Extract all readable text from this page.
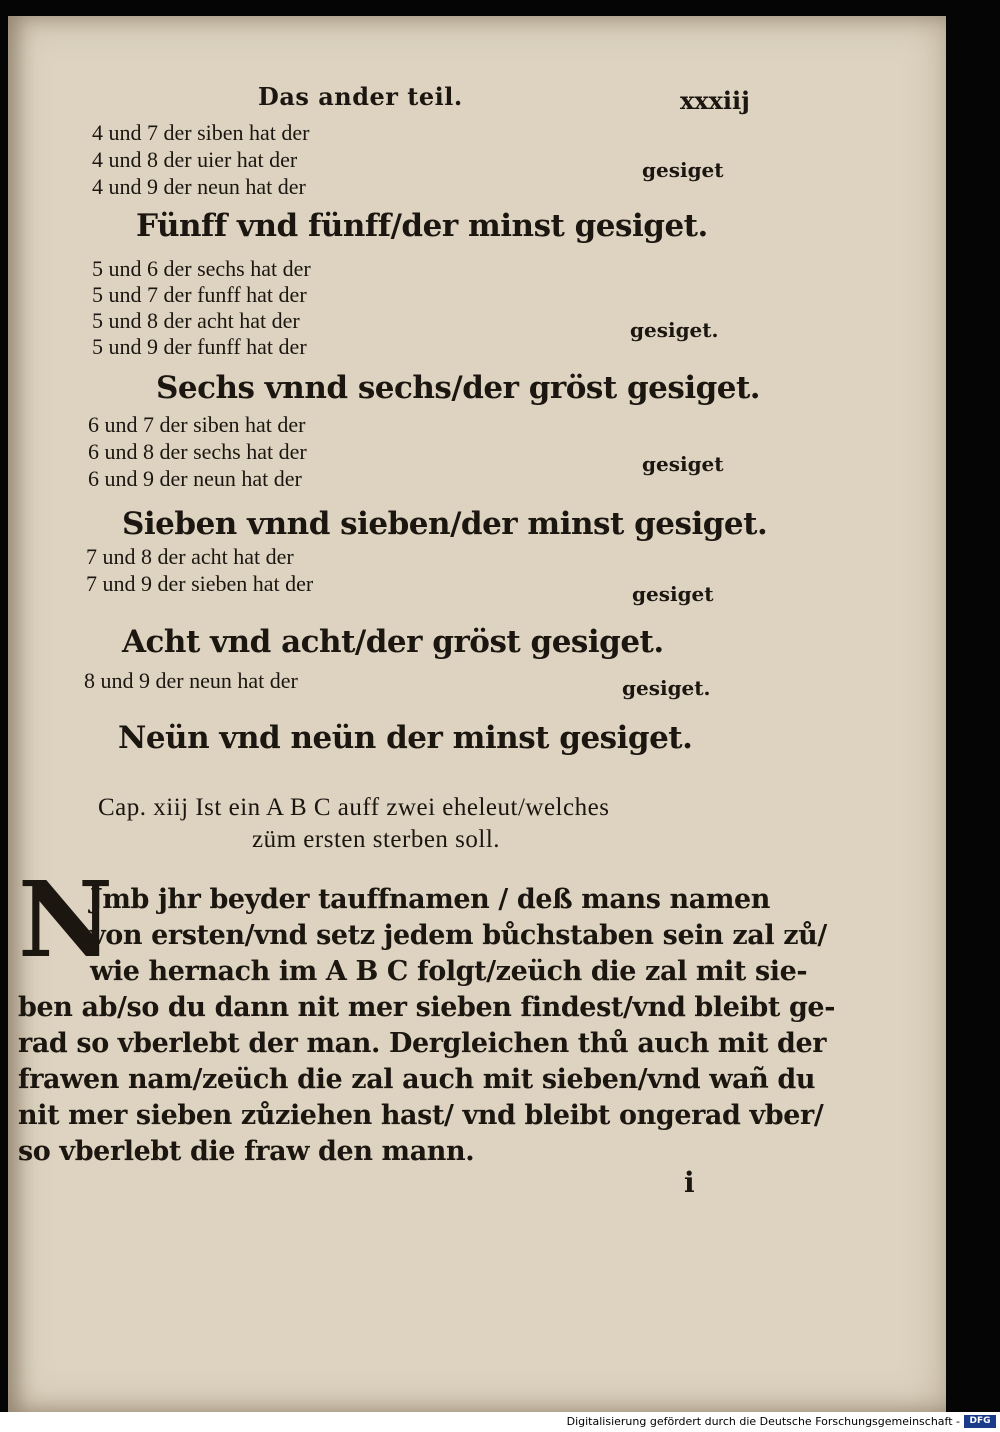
Das ander teil.	xxxiij
4 und 7 der siben hat der
4 und 8 der uier hat der
4 und 9 der neun hat der
gesiget
Fünff vnd fünff/der minst gesiget.
5 und 6 der sechs hat der
5 und 7 der funff hat der
5 und 8 der acht hat der
5 und 9 der funff hat der
gesiget.
Sechs vnnd sechs/der gröst gesiget.
6 und 7 der siben hat der
6 und 8 der sechs hat der
6 und 9 der neun hat der
gesiget
Sieben vnnd sieben/der minst gesiget.
7 und 8 der acht hat der
7 und 9 der sieben hat der	gesiget
Acht vnd acht/der gröst gesiget.
8 und 9 der neun hat der	gesiget.
Neün vnd neün der minst gesiget.
Cap. xiij Ist ein A B C auff zwei eheleut/welches
züm ersten sterben soll.
N
Jmb jhr beyder tauffnamen / deß mans namen
von ersten/vnd setz jedem bůchstaben sein zal zů/
wie hernach im A B C folgt/zeüch die zal mit sie-
ben ab/so du dann nit mer sieben findest/vnd bleibt ge-
rad so vberlebt der man. Dergleichen thů auch mit der
frawen nam/zeüch die zal auch mit sieben/vnd wañ du
nit mer sieben zůziehen hast/ vnd bleibt ongerad vber/
so vberlebt die fraw den mann.
i
Digitalisierung gefördert durch die Deutsche Forschungsgemeinschaft -	DFG
